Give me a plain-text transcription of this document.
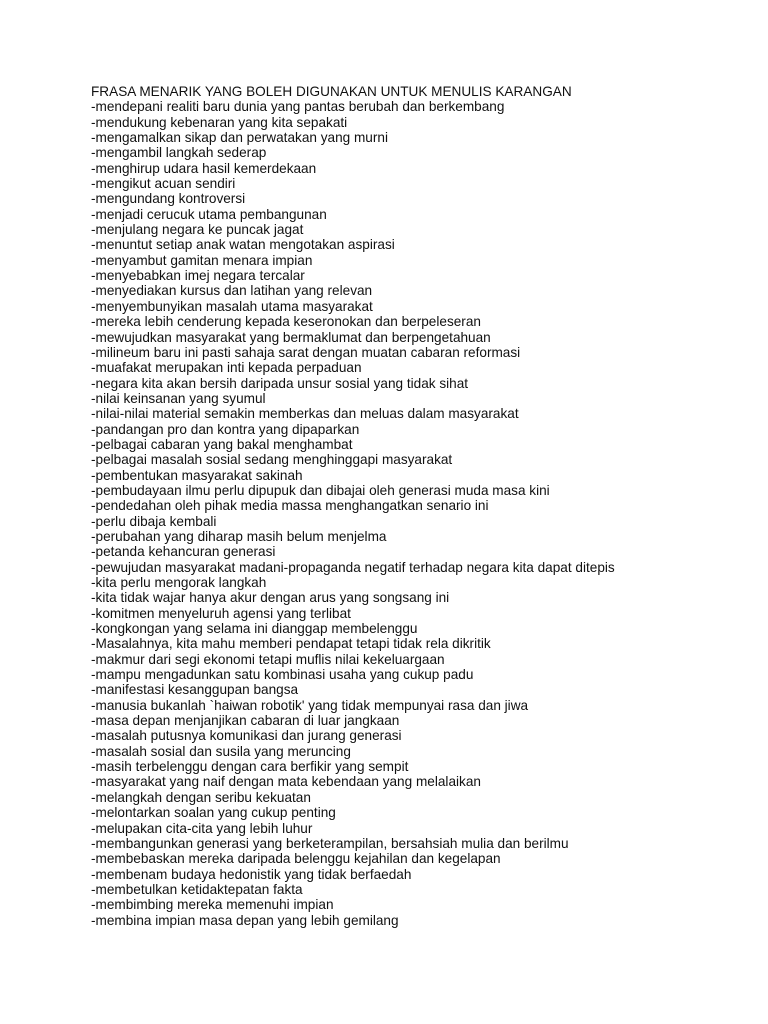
FRASA MENARIK YANG BOLEH DIGUNAKAN UNTUK MENULIS KARANGAN
-mendepani realiti baru dunia yang pantas berubah dan berkembang
-mendukung kebenaran yang kita sepakati
-mengamalkan sikap dan perwatakan yang murni
-mengambil langkah sederap
-menghirup udara hasil kemerdekaan
-mengikut acuan sendiri
-mengundang kontroversi
-menjadi cerucuk utama pembangunan
-menjulang negara ke puncak jagat
-menuntut setiap anak watan mengotakan aspirasi
-menyambut gamitan menara impian
-menyebabkan imej negara tercalar
-menyediakan kursus dan latihan yang relevan
-menyembunyikan masalah utama masyarakat
-mereka lebih cenderung kepada keseronokan dan berpeleseran
-mewujudkan masyarakat yang bermaklumat dan berpengetahuan
-milineum baru ini pasti sahaja sarat dengan muatan cabaran reformasi
-muafakat merupakan inti kepada perpaduan
-negara kita akan bersih daripada unsur sosial yang tidak sihat
-nilai keinsanan yang syumul
-nilai-nilai material semakin memberkas dan meluas dalam masyarakat
-pandangan pro dan kontra yang dipaparkan
-pelbagai cabaran yang bakal menghambat
-pelbagai masalah sosial sedang menghinggapi masyarakat
-pembentukan masyarakat sakinah
-pembudayaan ilmu perlu dipupuk dan dibajai oleh generasi muda masa kini
-pendedahan oleh pihak media massa menghangatkan senario ini
-perlu dibaja kembali
-perubahan yang diharap masih belum menjelma
-petanda kehancuran generasi
-pewujudan masyarakat madani-propaganda negatif terhadap negara kita dapat ditepis
-kita perlu mengorak langkah
-kita tidak wajar hanya akur dengan arus yang songsang ini
-komitmen menyeluruh agensi yang terlibat
-kongkongan yang selama ini dianggap membelenggu
-Masalahnya, kita mahu memberi pendapat tetapi tidak rela dikritik
-makmur dari segi ekonomi tetapi muflis nilai kekeluargaan
-mampu mengadunkan satu kombinasi usaha yang cukup padu
-manifestasi kesanggupan bangsa
-manusia bukanlah `haiwan robotik' yang tidak mempunyai rasa dan jiwa
-masa depan menjanjikan cabaran di luar jangkaan
-masalah putusnya komunikasi dan jurang generasi
-masalah sosial dan susila yang meruncing
-masih terbelenggu dengan cara berfikir yang sempit
-masyarakat yang naif dengan mata kebendaan yang melalaikan
-melangkah dengan seribu kekuatan
-melontarkan soalan yang cukup penting
-melupakan cita-cita yang lebih luhur
-membangunkan generasi yang berketerampilan, bersahsiah mulia dan berilmu
-membebaskan mereka daripada belenggu kejahilan dan kegelapan
-membenam budaya hedonistik yang tidak berfaedah
-membetulkan ketidaktepatan fakta
-membimbing mereka memenuhi impian
-membina impian masa depan yang lebih gemilang
